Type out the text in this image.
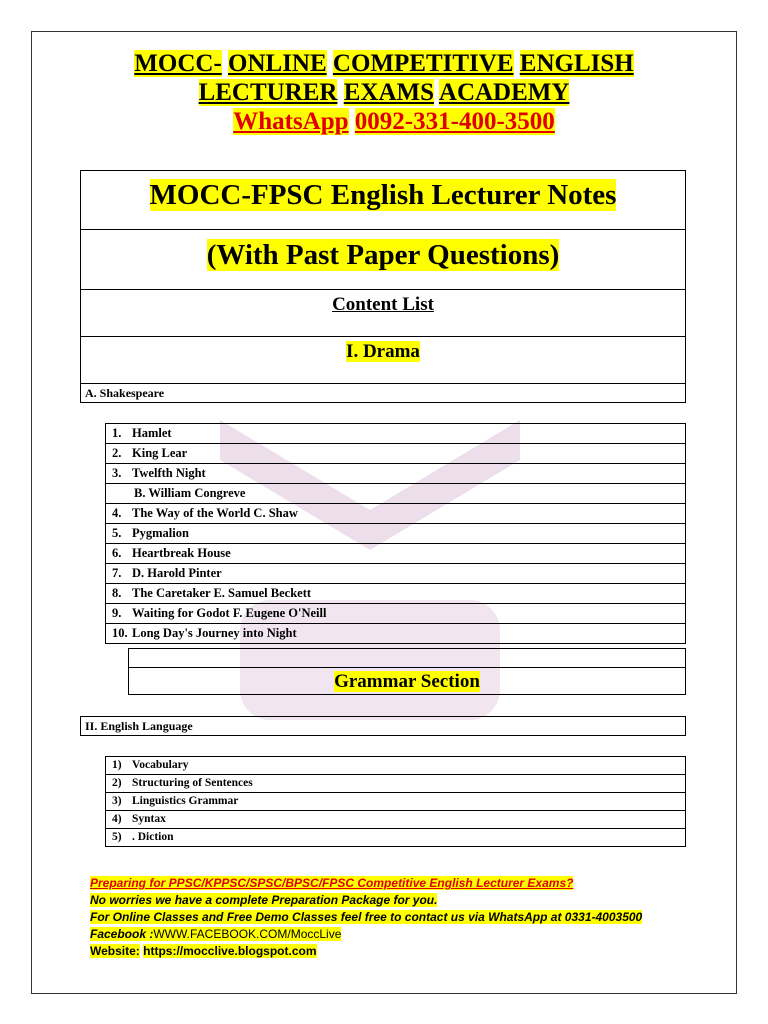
MOCC- ONLINE COMPETITIVE ENGLISH
LECTURER EXAMS ACADEMY
WhatsApp 0092-331-400-3500
MOCC-FPSC English Lecturer Notes
(With Past Paper Questions)
Content List
I. Drama
A. Shakespeare
1. Hamlet
2. King Lear
3. Twelfth Night
B. William Congreve
4. The Way of the World C. Shaw
5. Pygmalion
6. Heartbreak House
7. D. Harold Pinter
8. The Caretaker E. Samuel Beckett
9. Waiting for Godot F. Eugene O'Neill
10. Long Day's Journey into Night
Grammar Section
II. English Language
1) Vocabulary
2) Structuring of Sentences
3) Linguistics Grammar
4) Syntax
5) . Diction
Preparing for PPSC/KPPSC/SPSC/BPSC/FPSC Competitive English Lecturer Exams?
No worries we have a complete Preparation Package for you.
For Online Classes and Free Demo Classes feel free to contact us via WhatsApp at 0331-4003500
Facebook :WWW.FACEBOOK.COM/MoccLive
Website: https://mocclive.blogspot.com
